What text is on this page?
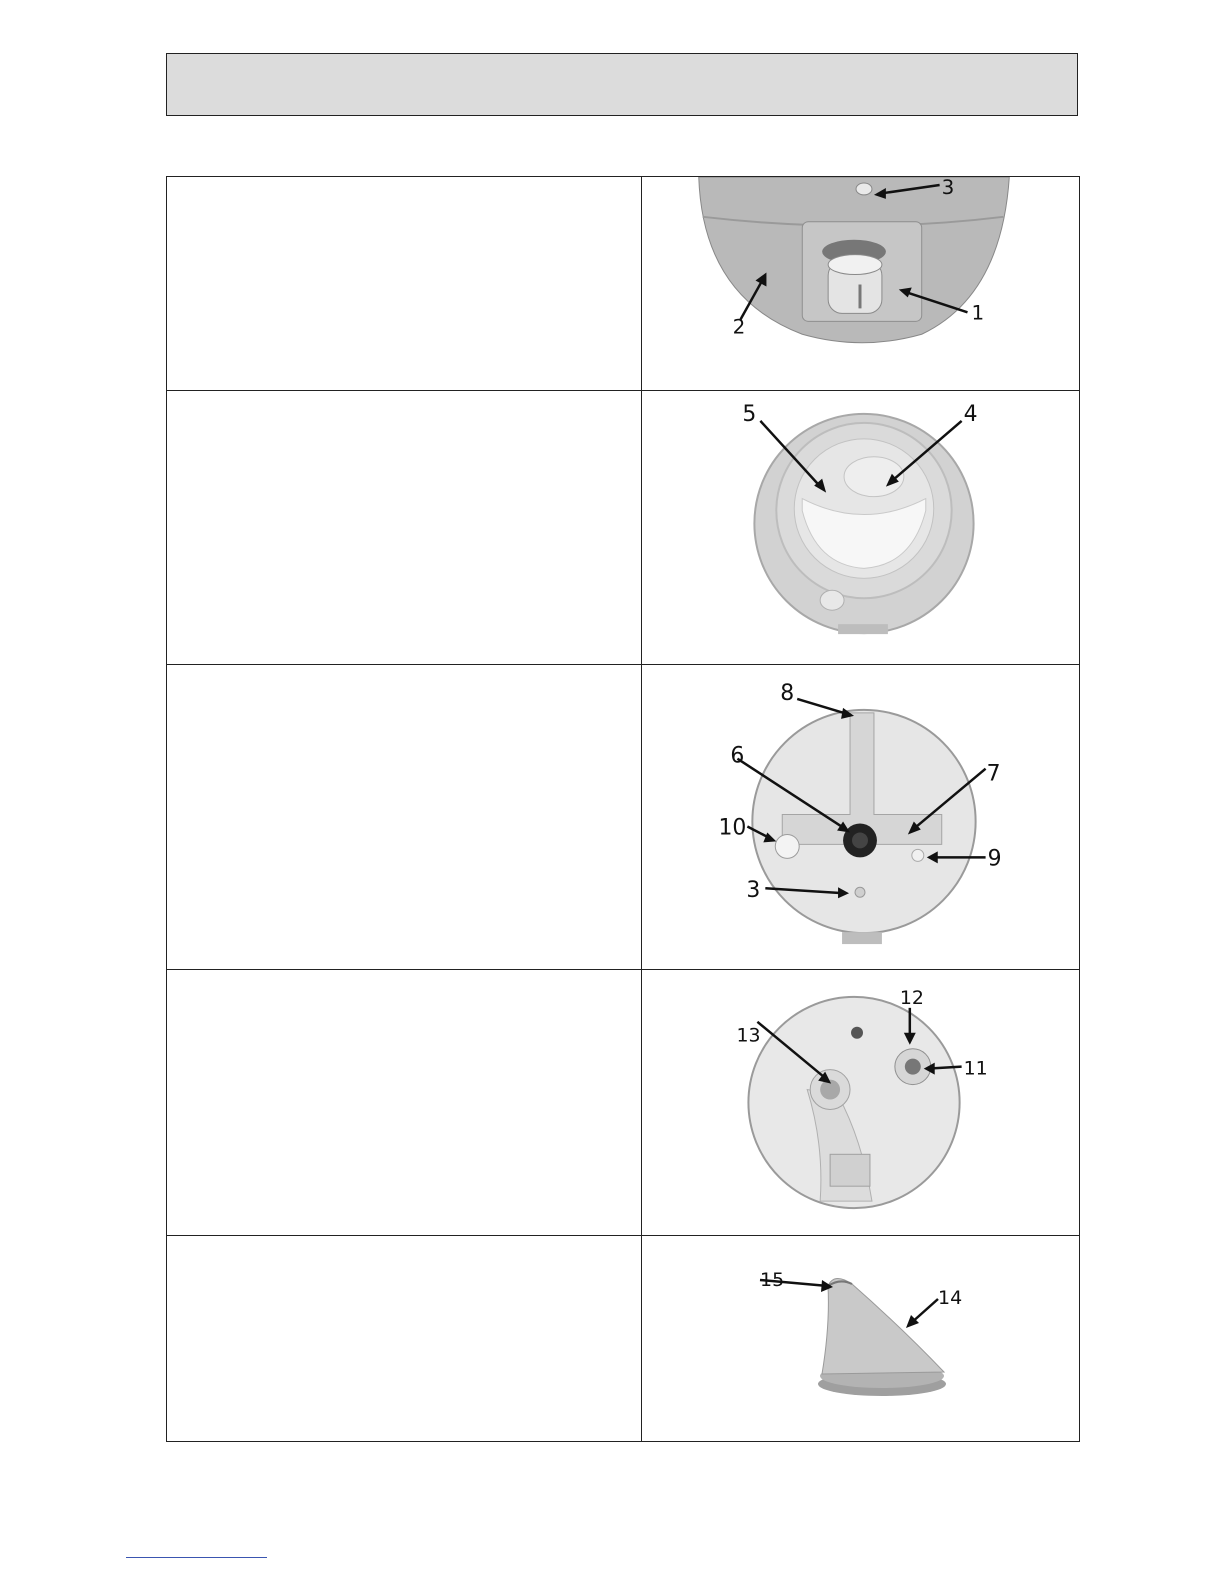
3
2
1
5	4
8
6
7
10
9
3
12
13
11
15
14
